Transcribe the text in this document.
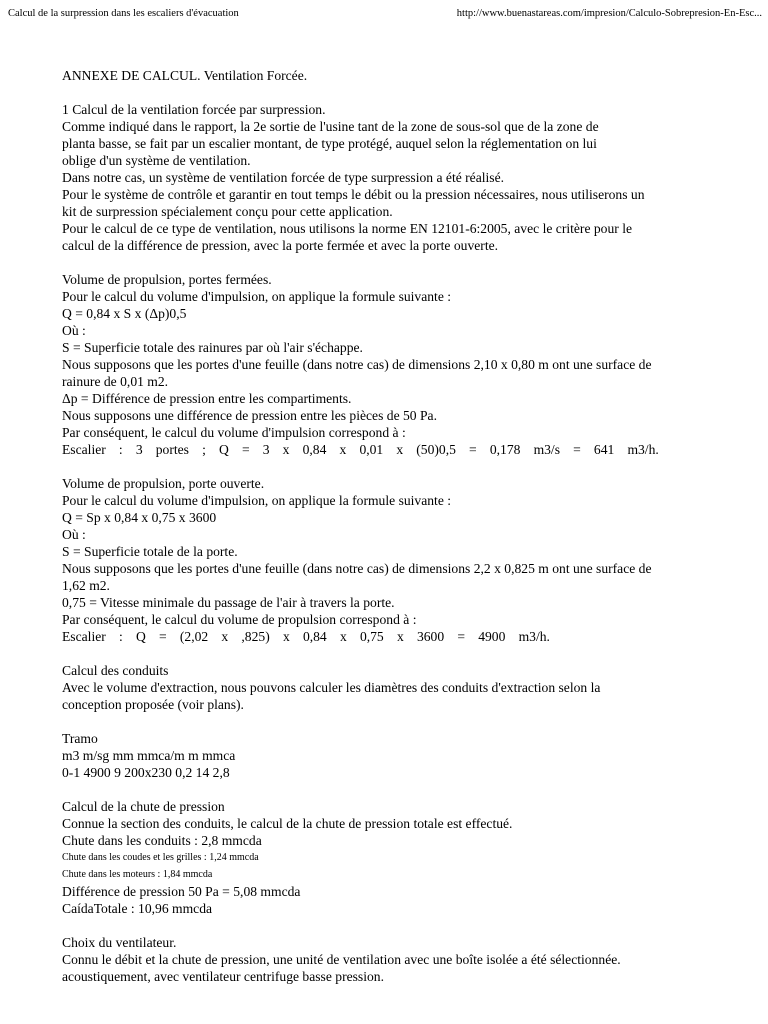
Calcul de la surpression dans les escaliers d'évacuation	http://www.buenastareas.com/impresion/Calculo-Sobrepresion-En-Esc...
ANNEXE DE CALCUL. Ventilation Forcée.
1 Calcul de la ventilation forcée par surpression.
Comme indiqué dans le rapport, la 2e sortie de l'usine tant de la zone de sous-sol que de la zone de
planta basse, se fait par un escalier montant, de type protégé, auquel selon la réglementation on lui
oblige d'un système de ventilation.
Dans notre cas, un système de ventilation forcée de type surpression a été réalisé.
Pour le système de contrôle et garantir en tout temps le débit ou la pression nécessaires, nous utiliserons un
kit de surpression spécialement conçu pour cette application.
Pour le calcul de ce type de ventilation, nous utilisons la norme EN 12101-6:2005, avec le critère pour le
calcul de la différence de pression, avec la porte fermée et avec la porte ouverte.
Volume de propulsion, portes fermées.
Pour le calcul du volume d'impulsion, on applique la formule suivante :
Q = 0,84 x S x (Δp)0,5
Où :
S = Superficie totale des rainures par où l'air s'échappe.
Nous supposons que les portes d'une feuille (dans notre cas) de dimensions 2,10 x 0,80 m ont une surface de
rainure de 0,01 m2.
Δp = Différence de pression entre les compartiments.
Nous supposons une différence de pression entre les pièces de 50 Pa.
Par conséquent, le calcul du volume d'impulsion correspond à :
Escalier : 3 portes ; Q = 3 x 0,84 x 0,01 x (50)0,5 = 0,178 m3/s = 641 m3/h.
Volume de propulsion, porte ouverte.
Pour le calcul du volume d'impulsion, on applique la formule suivante :
Q = Sp x 0,84 x 0,75 x 3600
Où :
S = Superficie totale de la porte.
Nous supposons que les portes d'une feuille (dans notre cas) de dimensions 2,2 x 0,825 m ont une surface de
1,62 m2.
0,75 = Vitesse minimale du passage de l'air à travers la porte.
Par conséquent, le calcul du volume de propulsion correspond à :
Escalier : Q = (2,02 x ,825) x 0,84 x 0,75 x 3600 = 4900 m3/h.
Calcul des conduits
Avec le volume d'extraction, nous pouvons calculer les diamètres des conduits d'extraction selon la
conception proposée (voir plans).
Tramo
m3 m/sg mm mmca/m m mmca
0-1 4900 9 200x230 0,2 14 2,8
Calcul de la chute de pression
Connue la section des conduits, le calcul de la chute de pression totale est effectué.
Chute dans les conduits : 2,8 mmcda
Chute dans les coudes et les grilles : 1,24 mmcda
Chute dans les moteurs : 1,84 mmcda
Différence de pression 50 Pa = 5,08 mmcda
CaídaTotale : 10,96 mmcda
Choix du ventilateur.
Connu le débit et la chute de pression, une unité de ventilation avec une boîte isolée a été sélectionnée.
acoustiquement, avec ventilateur centrifuge basse pression.
